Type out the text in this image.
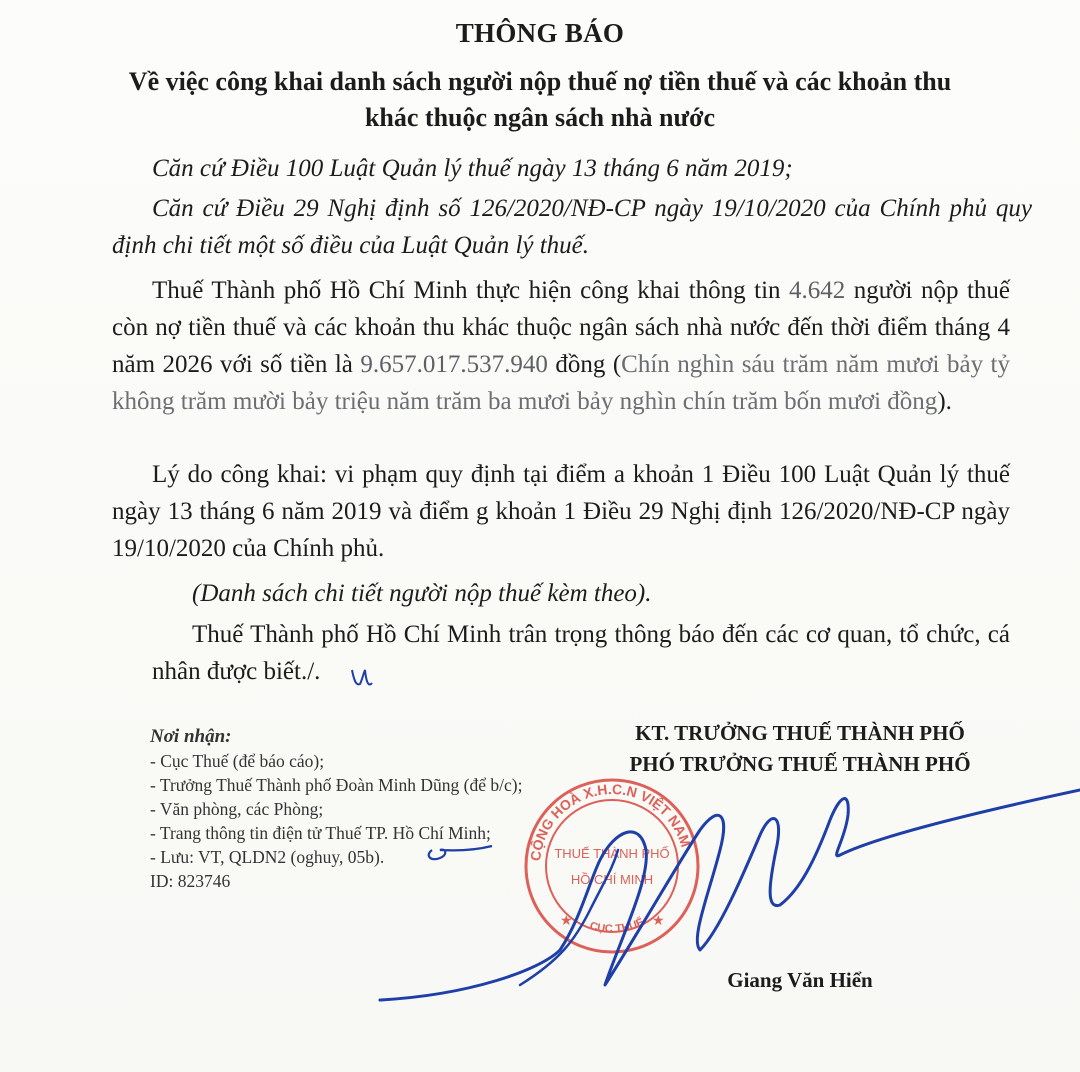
THÔNG BÁO
Về việc công khai danh sách người nộp thuế nợ tiền thuế và các khoản thu
khác thuộc ngân sách nhà nước
Căn cứ Điều 100 Luật Quản lý thuế ngày 13 tháng 6 năm 2019;
Căn cứ Điều 29 Nghị định số 126/2020/NĐ-CP ngày 19/10/2020 của Chính phủ quy định chi tiết một số điều của Luật Quản lý thuế.
Thuế Thành phố Hồ Chí Minh thực hiện công khai thông tin 4.642 người nộp thuế còn nợ tiền thuế và các khoản thu khác thuộc ngân sách nhà nước đến thời điểm tháng 4 năm 2026 với số tiền là 9.657.017.537.940 đồng (Chín nghìn sáu trăm năm mươi bảy tỷ không trăm mười bảy triệu năm trăm ba mươi bảy nghìn chín trăm bốn mươi đồng).
Lý do công khai: vi phạm quy định tại điểm a khoản 1 Điều 100 Luật Quản lý thuế ngày 13 tháng 6 năm 2019 và điểm g khoản 1 Điều 29 Nghị định 126/2020/NĐ-CP ngày 19/10/2020 của Chính phủ.
(Danh sách chi tiết người nộp thuế kèm theo).
Thuế Thành phố Hồ Chí Minh trân trọng thông báo đến các cơ quan, tổ chức, cá nhân được biết./.
Nơi nhận:
- Cục Thuế (để báo cáo);
- Trưởng Thuế Thành phố Đoàn Minh Dũng (để b/c);
- Văn phòng, các Phòng;
- Trang thông tin điện tử Thuế TP. Hồ Chí Minh;
- Lưu: VT, QLDN2 (oghuy, 05b).
ID: 823746
KT. TRƯỞNG THUẾ THÀNH PHỐ
PHÓ TRƯỞNG THUẾ THÀNH PHỐ
Giang Văn Hiển
CỘNG HOÀ X.H.C.N VIỆT NAM
THUẾ THÀNH PHỐ
HỒ CHÍ MINH
CỤC THUẾ
★	★
